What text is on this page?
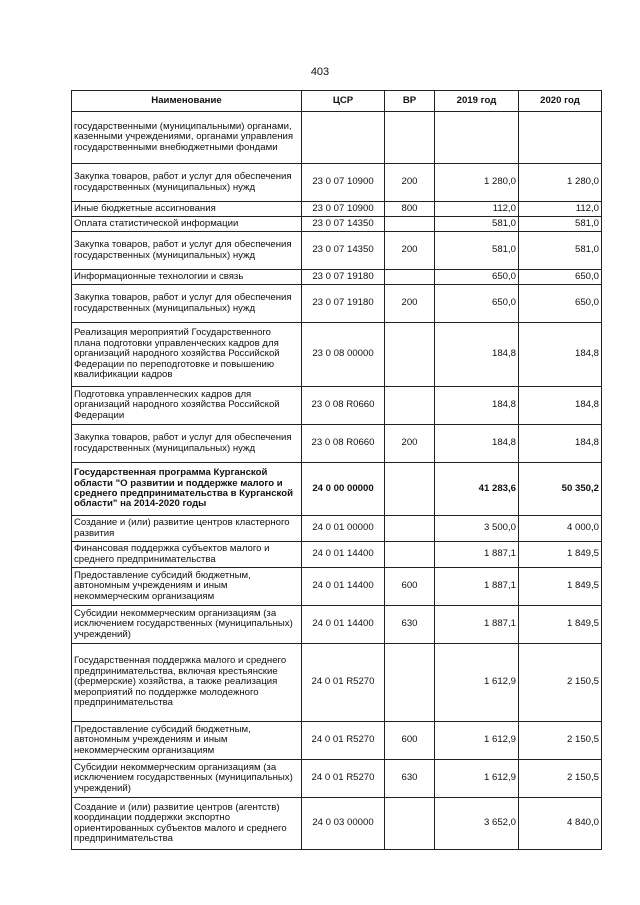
403
Наименование	ЦСР	ВР	2019 год	2020 год
государственными (муниципальными) органами, казенными учреждениями, органами управления государственными внебюджетными фондами				
Закупка товаров, работ и услуг для обеспечения государственных (муниципальных) нужд	23 0 07 10900	200	1 280,0	1 280,0
Иные бюджетные ассигнования	23 0 07 10900	800	112,0	112,0
Оплата статистической информации	23 0 07 14350		581,0	581,0
Закупка товаров, работ и услуг для обеспечения государственных (муниципальных) нужд	23 0 07 14350	200	581,0	581,0
Информационные технологии и связь	23 0 07 19180		650,0	650,0
Закупка товаров, работ и услуг для обеспечения государственных (муниципальных) нужд	23 0 07 19180	200	650,0	650,0
Реализация мероприятий Государственного плана подготовки управленческих кадров для организаций народного хозяйства Российской Федерации по переподготовке и повышению квалификации кадров	23 0 08 00000		184,8	184,8
Подготовка управленческих кадров для организаций народного хозяйства Российской Федерации	23 0 08 R0660		184,8	184,8
Закупка товаров, работ и услуг для обеспечения государственных (муниципальных) нужд	23 0 08 R0660	200	184,8	184,8
Государственная программа Курганской области "О развитии и поддержке малого и среднего предпринимательства в Курганской области" на 2014-2020 годы	24 0 00 00000		41 283,6	50 350,2
Создание и (или) развитие центров кластерного развития	24 0 01 00000		3 500,0	4 000,0
Финансовая поддержка субъектов малого и среднего предпринимательства	24 0 01 14400		1 887,1	1 849,5
Предоставление субсидий бюджетным, автономным учреждениям и иным некоммерческим организациям	24 0 01 14400	600	1 887,1	1 849,5
Субсидии некоммерческим организациям (за исключением государственных (муниципальных) учреждений)	24 0 01 14400	630	1 887,1	1 849,5
Государственная поддержка малого и среднего предпринимательства, включая крестьянские (фермерские) хозяйства, а также реализация мероприятий по поддержке молодежного предпринимательства	24 0 01 R5270		1 612,9	2 150,5
Предоставление субсидий бюджетным, автономным учреждениям и иным некоммерческим организациям	24 0 01 R5270	600	1 612,9	2 150,5
Субсидии некоммерческим организациям (за исключением государственных (муниципальных) учреждений)	24 0 01 R5270	630	1 612,9	2 150,5
Создание и (или) развитие центров (агентств) координации поддержки экспортно ориентированных субъектов малого и среднего предпринимательства	24 0 03 00000		3 652,0	4 840,0
